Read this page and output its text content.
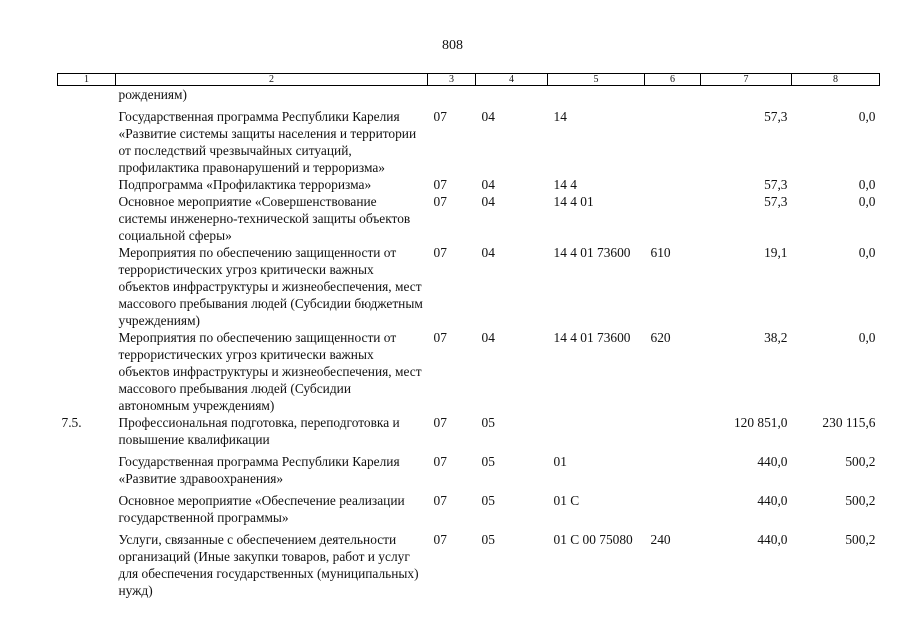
808
1	2	3	4	5	6	7	8
	рождениям)						
	Государственная программа Республики Карелия «Развитие системы защиты населения и территории от последствий чрезвычайных ситуаций, профилактика правонарушений и терроризма»	07	04	14		57,3	0,0
	Подпрограмма «Профилактика терроризма»	07	04	14 4		57,3	0,0
	Основное мероприятие «Совершенствование системы инженерно-технической защиты объектов социальной сферы»	07	04	14 4 01		57,3	0,0
	Мероприятия по обеспечению защищенности от террористических угроз критически важных объектов инфраструктуры и жизнеобеспечения, мест массового пребывания людей (Субсидии бюджетным учреждениям)	07	04	14 4 01 73600	610	19,1	0,0
	Мероприятия по обеспечению защищенности от террористических угроз критически важных объектов инфраструктуры и жизнеобеспечения, мест массового пребывания людей (Субсидии автономным учреждениям)	07	04	14 4 01 73600	620	38,2	0,0
7.5.	Профессиональная подготовка, переподготовка и повышение квалификации	07	05			120 851,0	230 115,6
	Государственная программа Республики Карелия «Развитие здравоохранения»	07	05	01		440,0	500,2
	Основное мероприятие «Обеспечение реализации государственной программы»	07	05	01 С		440,0	500,2
	Услуги, связанные с обеспечением деятельности организаций (Иные закупки товаров, работ и услуг для обеспечения государственных (муниципальных) нужд)	07	05	01 С 00 75080	240	440,0	500,2
